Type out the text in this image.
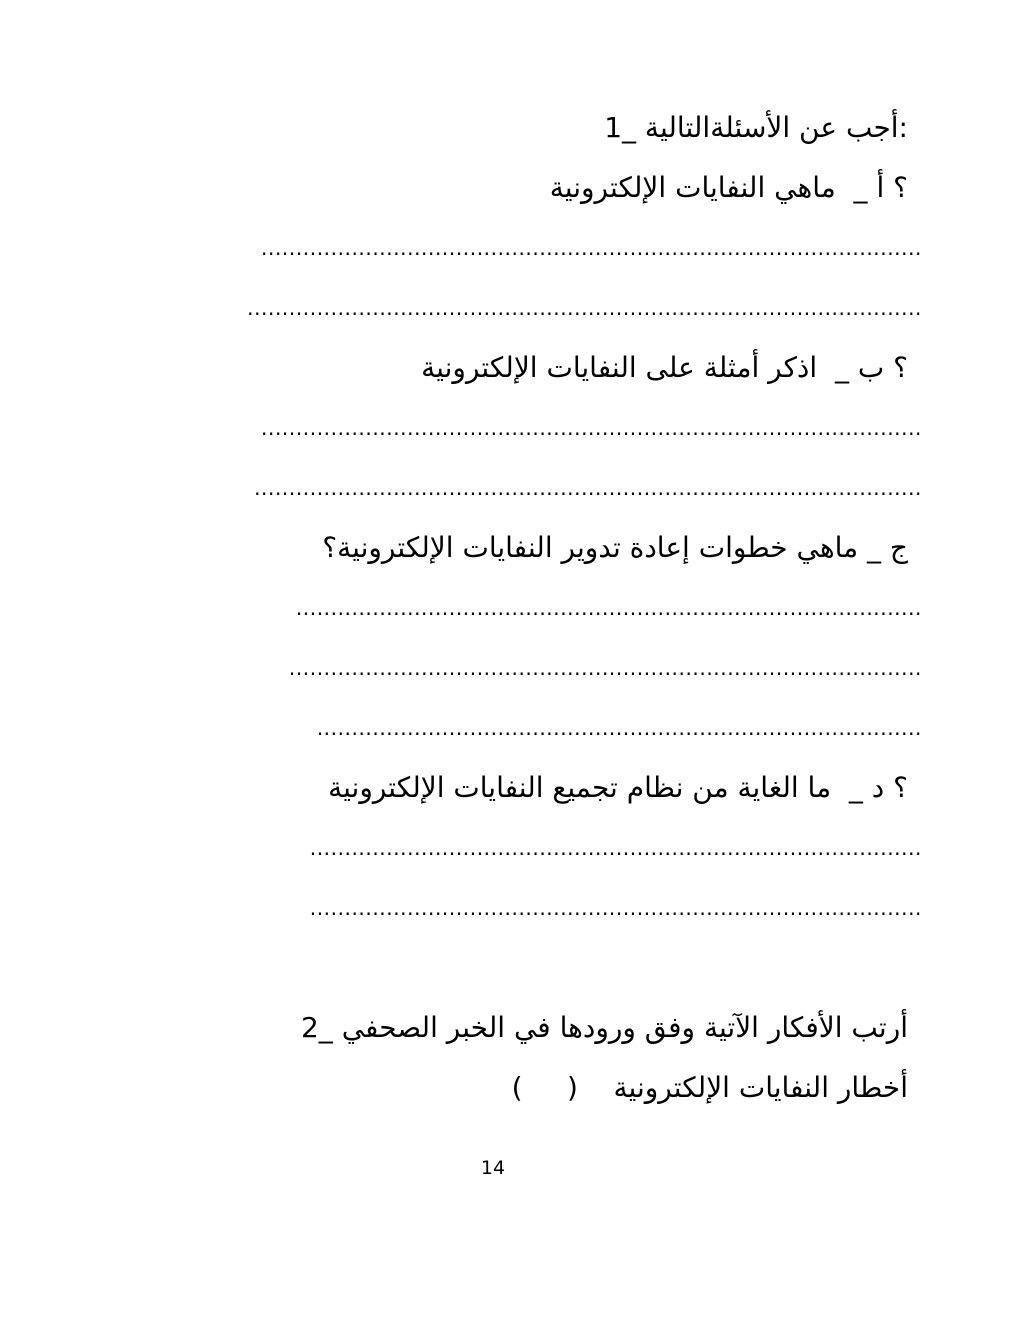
:أجب عن الأسئلةالتالية _1
؟ أ _  ماهي النفايات الإلكترونية
...............................................................................................
.................................................................................................
؟ ب _  اذكر أمثلة على النفايات الإلكترونية
...............................................................................................
................................................................................................
ج _ ماهي خطوات إعادة تدوير النفايات الإلكترونية؟
..........................................................................................
...........................................................................................
.......................................................................................
؟ د _  ما الغاية من نظام تجميع النفايات الإلكترونية
........................................................................................
........................................................................................
أرتب الأفكار الآتية وفق ورودها في الخبر الصحفي _2
أخطار النفايات الإلكترونية    (     )
14
